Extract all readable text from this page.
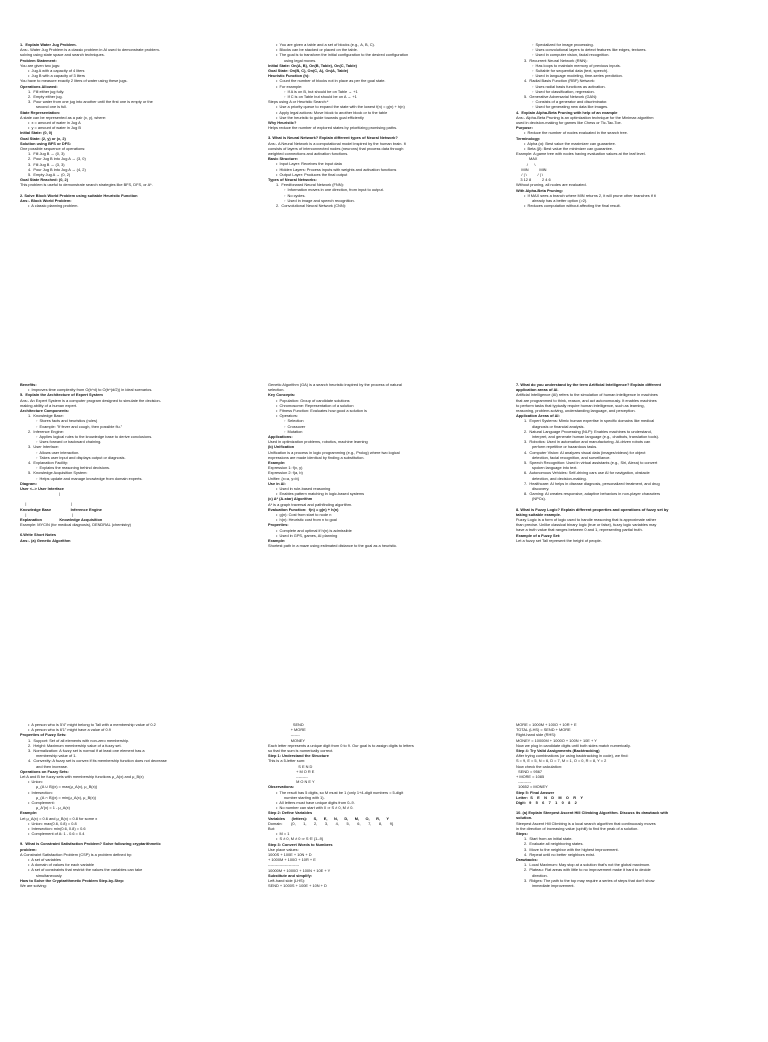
1.  Explain Water Jug Problem.
Ans:- Water Jug Problem is a classic problem in AI used to demonstrate problem-
solving using state space and search techniques.
Problem Statement:
You are given two jugs:
•  Jug A with a capacity of 4 liters
•  Jug B with a capacity of 3 liters
You have to measure exactly 2 liters of water using these jugs.
Operations Allowed:
1.  Fill either jug fully.
2.  Empty either jug.
3.  Pour water from one jug into another until the first one is empty or the
second one is full.
State Representation:
A state can be represented as a pair (x, y), where:
•  x = amount of water in Jug A
•  y = amount of water in Jug B
Initial State: (0, 0)
Goal State: (2, y) or (x, 2)
Solution using BFS or DFS:
One possible sequence of operations:
1.  Fill Jug B → (0, 3)
2.  Pour Jug B into Jug A → (3, 0)
3.  Fill Jug B → (3, 3)
4.  Pour Jug B into Jug A → (4, 2)
5.  Empty Jug A → (0, 2)
Goal State Reached: (0, 2)
This problem is useful to demonstrate search strategies like BFS, DFS, or A*.
2. Solve Block World Problem using suitable Heuristic Function
Ans:- Block World Problem:
•  A classic planning problem.
•  You are given a table and a set of blocks (e.g., A, B, C).
•  Blocks can be stacked or placed on the table.
•  The goal is to transform the initial configuration to the desired configuration
using legal moves.
Initial State: On(A, B), On(B, Table), On(C, Table)
Goal State: On(B, C), On(C, A), On(A, Table)
Heuristic Function (h):
•  Count the number of blocks not in place as per the goal state.
•  For example:
◦  If A is on B, but should be on Table → +1
◦  If C is on Table but should be on A → +1
Steps using A or Heuristic Search:*
•  Use a priority queue to expand the state with the lowest f(n) = g(n) + h(n)
•  Apply legal actions: Move block to another block or to the table
•  Use the heuristic to guide towards goal efficiently
Why Heuristic?
Helps reduce the number of explored states by prioritizing promising paths.
3. What is Neural Network? Explain different types of Neural Network?
Ans:- A Neural Network is a computational model inspired by the human brain. It
consists of layers of interconnected nodes (neurons) that process data through
weighted connections and activation functions.
Basic Structure:
•  Input Layer: Receives the input data
•  Hidden Layers: Process inputs with weights and activation functions
•  Output Layer: Produces the final output
Types of Neural Networks:
1.  Feedforward Neural Network (FNN):
◦  Information moves in one direction, from input to output.
◦  No cycles.
◦  Used in image and speech recognition.
2.  Convolutional Neural Network (CNN):
◦  Specialized for image processing.
◦  Uses convolutional layers to detect features like edges, textures.
◦  Used in computer vision, facial recognition.
3.  Recurrent Neural Network (RNN):
◦  Has loops to maintain memory of previous inputs.
◦  Suitable for sequential data (text, speech).
◦  Used in language modeling, time-series prediction.
4.  Radial Basis Function (RBF) Network:
◦  Uses radial basis functions as activation.
◦  Used for classification, regression.
5.  Generative Adversarial Network (GAN):
◦  Consists of a generator and discriminator.
◦  Used for generating new data like images.
4.  Explain Alpha-Beta Pruning with help of an example
Ans:- Alpha-Beta Pruning is an optimization technique for the Minimax algorithm
used in decision-making for games like Chess or Tic-Tac-Toe.
Purpose:
•  Reduce the number of nodes evaluated in the search tree.
Terminology:
•  Alpha (α): Best value the maximizer can guarantee.
•  Beta (β): Best value the minimizer can guarantee.
Example: A game tree with nodes having evaluation values at the leaf level.
MAX
/      \
MIN          MIN
/ | \          / | \
3 12 8          2 4 6
Without pruning, all nodes are evaluated.
With Alpha-Beta Pruning:
•  If MAX sees a branch where MIN returns 2, it will prune other branches if it
already has a better option (>2).
•  Reduces computation without affecting the final result.
Benefits:
•  Improves time complexity from O(b^d) to O(b^(d/2)) in ideal scenarios.
5.  Explain the Architecture of Expert System
Ans:- An Expert System is a computer program designed to simulate the decision-
making ability of a human expert.
Architecture Components:
1.  Knowledge Base:
◦  Stores facts and heuristics (rules)
◦  Example: "If fever and cough, then possible flu."
2.  Inference Engine:
◦  Applies logical rules to the knowledge base to derive conclusions.
◦  Uses forward or backward chaining.
3.  User Interface:
◦  Allows user interaction.
◦  Takes user input and displays output or diagnosis.
4.  Explanation Facility:
◦  Explains the reasoning behind decisions.
5.  Knowledge Acquisition System:
◦  Helps update and manage knowledge from domain experts.
Diagram:
User <--> User Interface
|
|                                         |
Knowledge Base                  Inference Engine
|                                          |
Explanation                Knowledge Acquisition
Example: MYCIN (for medical diagnosis), DENDRAL (chemistry)
6.Write Short Notes
Ans:- (a) Genetic Algorithm
Genetic Algorithm (GA) is a search heuristic inspired by the process of natural
selection.
Key Concepts:
•  Population: Group of candidate solutions
•  Chromosome: Representation of a solution
•  Fitness Function: Evaluates how good a solution is
•  Operators:
◦  Selection
◦  Crossover
◦  Mutation
Applications:
Used in optimization problems, robotics, machine learning
(b) Unification
Unification is a process in logic programming (e.g., Prolog) where two logical
expressions are made identical by finding a substitution.
Example:
Expression 1: f(x, y)
Expression 2: f(a, b)
Unifier: {x=a, y=b}
Use in AI:
•  Used in rule-based reasoning
•  Enables pattern matching in logic-based systems
(c) A* (A-star) Algorithm
A* is a graph traversal and pathfinding algorithm.
Evaluation Function:  f(n) = g(n) + h(n)
•  g(n): Cost from start to node n
•  h(n): Heuristic cost from n to goal
Properties:
•  Complete and optimal if h(n) is admissible
•  Used in GPS, games, AI planning
Example:
Shortest path in a maze using estimated distance to the goal as a heuristic.
7. What do you understand by the term Artificial Intelligence? Explain different
application areas of AI.
Artificial Intelligence (AI) refers to the simulation of human intelligence in machines
that are programmed to think, reason, and act autonomously. It enables machines
to perform tasks that typically require human intelligence, such as learning,
reasoning, problem-solving, understanding language, and perception.
Application Areas of AI:
1.  Expert Systems: Mimic human expertise in specific domains like medical
diagnosis or financial analysis.
2.  Natural Language Processing (NLP): Enables machines to understand,
interpret, and generate human language (e.g., chatbots, translation tools).
3.  Robotics: Used in automation and manufacturing. AI-driven robots can
perform repetitive or hazardous tasks.
4.  Computer Vision: AI analyzes visual data (images/videos) for object
detection, facial recognition, and surveillance.
5.  Speech Recognition: Used in virtual assistants (e.g., Siri, Alexa) to convert
spoken language into text.
6.  Autonomous Vehicles: Self-driving cars use AI for navigation, obstacle
detection, and decision-making.
7.  Healthcare: AI helps in disease diagnosis, personalized treatment, and drug
discovery.
8.  Gaming: AI creates responsive, adaptive behaviors in non-player characters
(NPCs).
8. What is Fuzzy Logic? Explain different properties and operations of fuzzy set by
taking suitable example.
Fuzzy Logic is a form of logic used to handle reasoning that is approximate rather
than precise. Unlike classical binary logic (true or false), fuzzy logic variables may
have a truth value that ranges between 0 and 1, representing partial truth.
Example of a Fuzzy Set:
Let a fuzzy set Tall represent the height of people.
•  A person who is 5'4" might belong to Tall with a membership value of 0.2
•  A person who is 6'1" might have a value of 0.9
Properties of Fuzzy Sets:
1.  Support: Set of all elements with non-zero membership.
2.  Height: Maximum membership value of a fuzzy set.
3.  Normalization: A fuzzy set is normal if at least one element has a
membership value of 1.
4.  Convexity: A fuzzy set is convex if its membership function does not decrease
and then increase.
Operations on Fuzzy Sets:
Let A and B be fuzzy sets with membership functions μ_A(x) and μ_B(x)
•  Union:
μ_(A ∪ B)(x) = max(μ_A(x), μ_B(x))
•  Intersection:
μ_(A ∩ B)(x) = min(μ_A(x), μ_B(x))
•  Complement:
μ_A'(x) = 1 - μ_A(x)
Example:
Let μ_A(x) = 0.6 and μ_B(x) = 0.8 for some x
•  Union: max(0.6, 0.8) = 0.8
•  Intersection: min(0.6, 0.8) = 0.6
•  Complement of A: 1 - 0.6 = 0.4
9.  What is Constraint Satisfaction Problem? Solve following cryptarithmetic
problem:
A Constraint Satisfaction Problem (CSP) is a problem defined by:
•  A set of variables
•  A domain of values for each variable
•  A set of constraints that restrict the values the variables can take
simultaneously
How to Solve the Cryptarithmetic Problem Step-by-Step:
We are solving:
SEND
+ MORE
-------
MONEY
Each letter represents a unique digit from 0 to 9. Our goal is to assign digits to letters
so that the sum is numerically correct.
Step 1: Understand the Structure
This is a 5-letter sum:
S E N D
+ M O R E
---------
M O N E Y
Observations:
•  The result has 5 digits, so M must be 1 (only 1+4-digit numbers = 5-digit
number starting with 1).
•  All letters must have unique digits from 0–9.
•  No number can start with 0 ⇒ S ≠ 0, M ≠ 0.
Step 2: Define Variables
Variables      (letters):      S,      E,      N,      D,      M,      O,      R,      Y
Domain:        {0,       1,       2,       3,       4,       5,       6,       7,       8,       9}
But:
•  M = 1
•  S ≠ 0, M ≠ 0 ⇒ S ∈ {1–9}
Step 3: Convert Words to Numbers
Use place values:
1000S + 100E + 10N + D
+ 1000M + 100O + 10R + E
------------------------
10000M + 1000O + 100N + 10E + Y
Substitute and simplify:
Left-hand side (LHS):
SEND + 1000S + 100E + 10N + D
MORE = 1000M + 100O + 10R + E
TOTAL (LHS) = SEND + MORE
Right-hand side (RHS):
MONEY = 10000M + 1000O + 100N + 10E + Y
Now we plug in candidate digits until both sides match numerically.
Step 4: Try Valid Assignments (Backtracking)
After trying combinations (or using backtracking in code), we find:
S = 9, E = 5, N = 6, D = 7, M = 1, O = 0, R = 8, Y = 2
Now check the calculation:
SEND = 9567
+ MORE = 1085
----------
10652 = MONEY
Step 5: Final Answer
Letter:  S    E    N    D    M    O    R    Y
Digit:   9    5    6    7    1    0    8    2
10. (a) Explain Steepest Ascent Hill Climbing Algorithm. Discuss its drawback with
solution.
Steepest Ascent Hill Climbing is a local search algorithm that continuously moves
in the direction of increasing value (uphill) to find the peak of a solution.
Steps:
1.  Start from an initial state.
2.  Evaluate all neighboring states.
3.  Move to the neighbor with the highest improvement.
4.  Repeat until no better neighbors exist.
Drawbacks:
1.  Local Maximum: May stop at a solution that's not the global maximum.
2.  Plateau: Flat areas with little to no improvement make it hard to decide
direction.
3.  Ridges: The path to the top may require a series of steps that don't show
immediate improvement.
